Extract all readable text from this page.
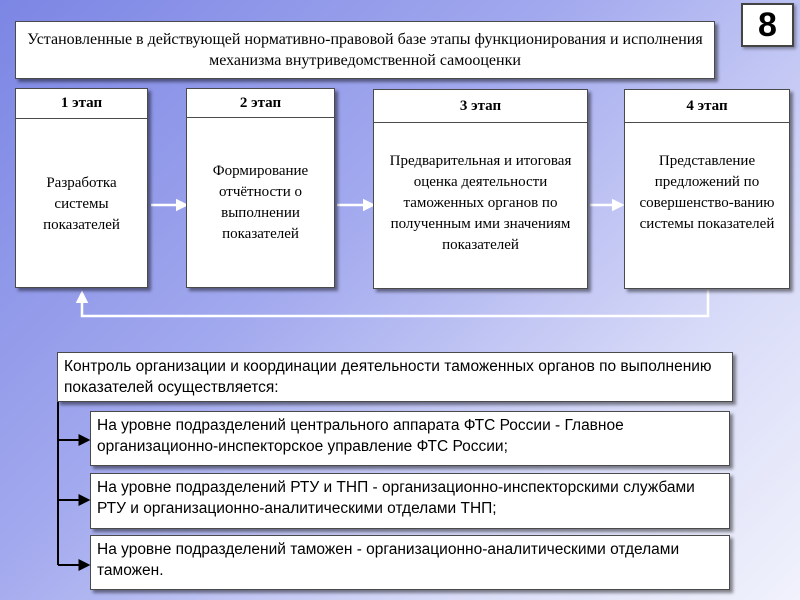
Установленные в действующей нормативно-правовой базе этапы функционирования и исполнения механизма внутриведомственной самооценки
8
1 этап
Разработка системы показателей
2 этап
Формирование отчётности о выполнении показателей
3 этап
Предварительная и итоговая оценка деятельности таможенных органов по полученным ими значениям показателей
4 этап
Представление предложений по совершенство-ванию системы показателей
Контроль организации и координации деятельности таможенных органов по выполнению показателей осуществляется:
На уровне подразделений центрального аппарата ФТС России - Главное организационно-инспекторское управление ФТС России;
На уровне подразделений РТУ и ТНП - организационно-инспекторскими службами РТУ и организационно-аналитическими отделами ТНП;
На уровне подразделений таможен - организационно-аналитическими отделами таможен.
